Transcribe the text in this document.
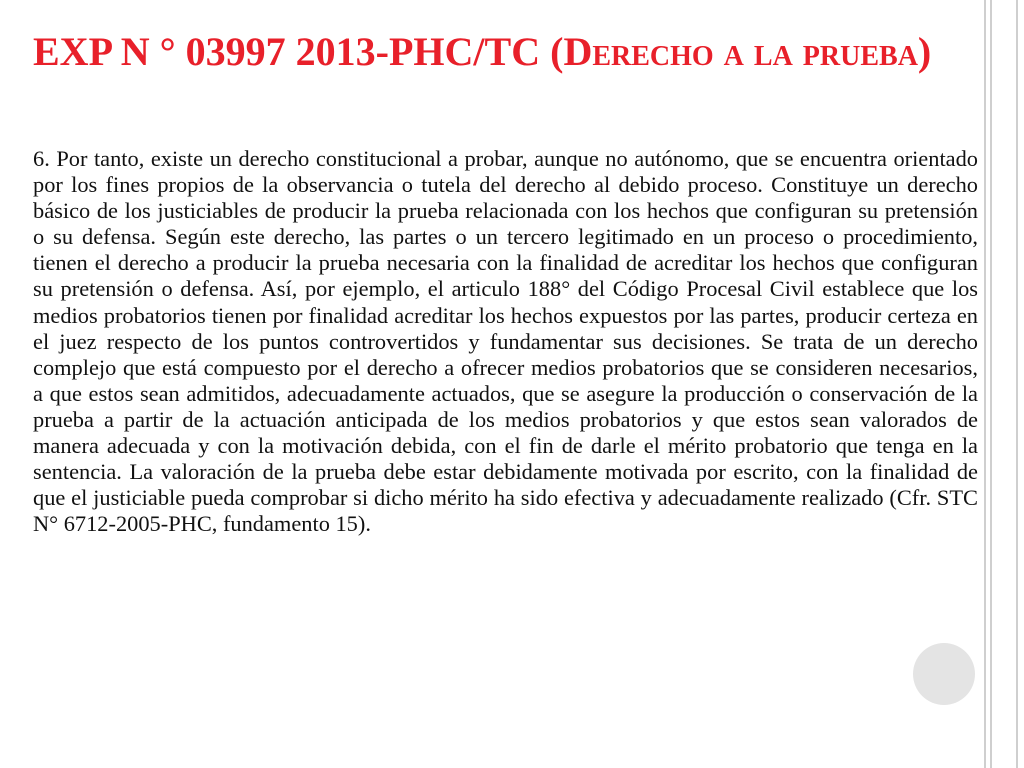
EXP N ° 03997 2013-PHC/TC (Derecho a la prueba)

6. Por tanto, existe un derecho constitucional a probar, aunque no autónomo, que se encuentra orientado por los fines propios de la observancia o tutela del derecho al debido proceso. Constituye un derecho básico de los justiciables de producir la prueba relacionada con los hechos que configuran su pretensión o su defensa. Según este derecho, las partes o un tercero legitimado en un proceso o procedimiento, tienen el derecho a producir la prueba necesaria con la finalidad de acreditar los hechos que configuran su pretensión o defensa. Así, por ejemplo, el articulo 188° del Código Procesal Civil establece que los medios probatorios tienen por finalidad acreditar los hechos expuestos por las partes, producir certeza en el juez respecto de los puntos controvertidos y fundamentar sus decisiones. Se trata de un derecho complejo que está compuesto por el derecho a ofrecer medios probatorios que se consideren necesarios, a que estos sean admitidos, adecuadamente actuados, que se asegure la producción o conservación de la prueba a partir de la actuación anticipada de los medios probatorios y que estos sean valorados de manera adecuada y con la motivación debida, con el fin de darle el mérito probatorio que tenga en la sentencia. La valoración de la prueba debe estar debidamente motivada por escrito, con la finalidad de que el justiciable pueda comprobar si dicho mérito ha sido efectiva y adecuadamente realizado (Cfr. STC N° 6712-2005-PHC, fundamento 15).
